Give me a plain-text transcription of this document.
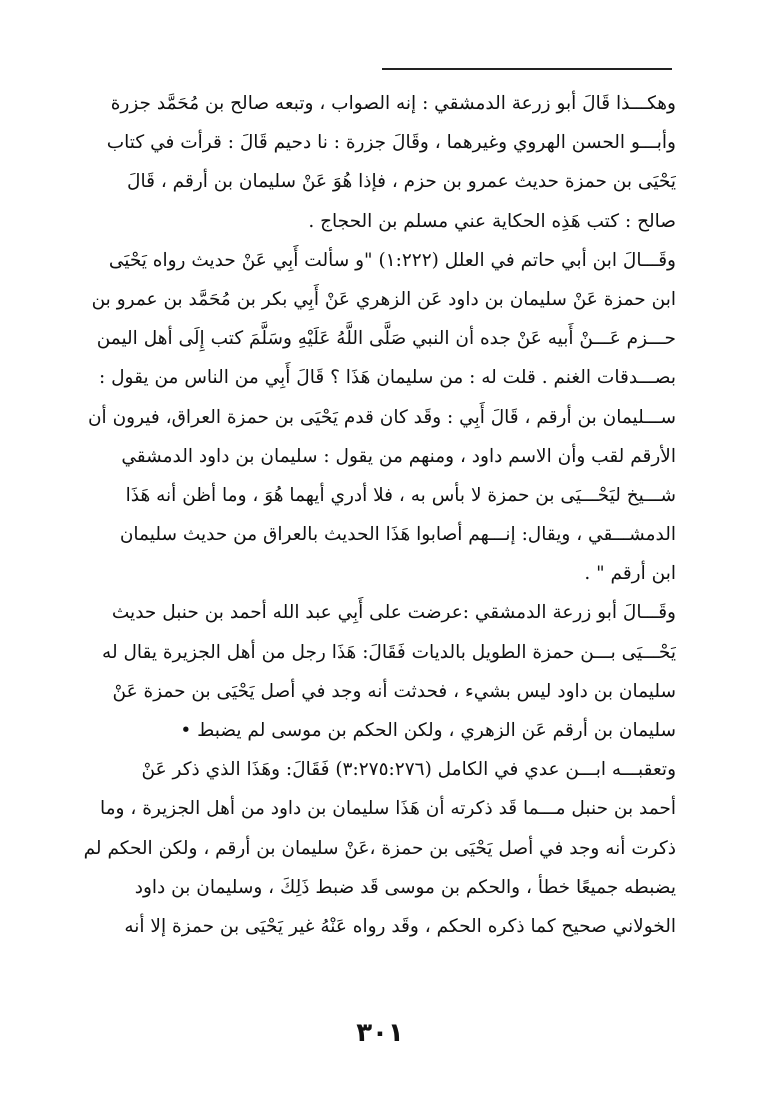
وهكـــذا قَالَ أبو زرعة الدمشقي : إنه الصواب ، وتبعه صالح بن مُحَمَّد جزرة
وأبـــو الحسن الهروي وغيرهما ، وقَالَ جزرة : نا دحيم قَالَ : قرأت في كتاب
يَحْيَى بن حمزة حديث عمرو بن حزم ، فإذا هُوَ عَنْ سليمان بن أرقم ، قَالَ
صالح : كتب هَذِه الحكاية عني مسلم بن الحجاج .
وقَـــالَ ابن أبي حاتم في العلل (١:٢٢٢) "و سألت أَبِي عَنْ حديث رواه يَحْيَى
ابن حمزة عَنْ سليمان بن داود عَن الزهري عَنْ أَبِي بكر بن مُحَمَّد بن عمرو بن
حـــزم عَـــنْ أَبيه عَنْ جده أن النبي صَلَّى اللَّهُ عَلَيْهِ وسَلَّمَ كتب إِلَى أهل اليمن
بصـــدقات الغنم . قلت له : من سليمان هَذَا ؟ قَالَ أَبِي من الناس من يقول :
ســـليمان بن أرقم ، قَالَ أَبِي : وقَد كان قدم يَحْيَى بن حمزة العراق، فيرون أن
الأرقم لقب وأن الاسم داود ، ومنهم من يقول : سليمان بن داود الدمشقي
شـــيخ ليَحْـــيَى بن حمزة لا بأس به ، فلا أدري أيهما هُوَ ، وما أظن أنه هَذَا
الدمشـــقي ، ويقال: إنـــهم أصابوا هَذَا الحديث بالعراق من حديث سليمان
ابن أرقم " .
وقَـــالَ أبو زرعة الدمشقي :عرضت على أَبِي عبد الله أحمد بن حنبل حديث
يَحْـــيَى بـــن حمزة الطويل بالديات فَقَالَ: هَذَا رجل من أهل الجزيرة يقال له
سليمان بن داود ليس بشيء ، فحدثت أنه وجد في أصل يَحْيَى بن حمزة عَنْ
سليمان بن أرقم عَن الزهري ، ولكن الحكم بن موسى لم يضبط •
وتعقبـــه ابـــن عدي في الكامل (٣:٢٧٥:٢٧٦) فَقَالَ: وهَذَا الذي ذكر عَنْ
أحمد بن حنبل مـــما قَد ذكرته أن هَذَا سليمان بن داود من أهل الجزيرة ، وما
ذكرت أنه وجد في أصل يَحْيَى بن حمزة ،عَنْ سليمان بن أرقم ، ولكن الحكم لم
يضبطه جميعًا خطأ ، والحكم بن موسى قَد ضبط ذَلِكَ ، وسليمان بن داود
الخولاني صحيح كما ذكره الحكم ، وقَد رواه عَنْهُ غير يَحْيَى بن حمزة إلا أنه
٣٠١
